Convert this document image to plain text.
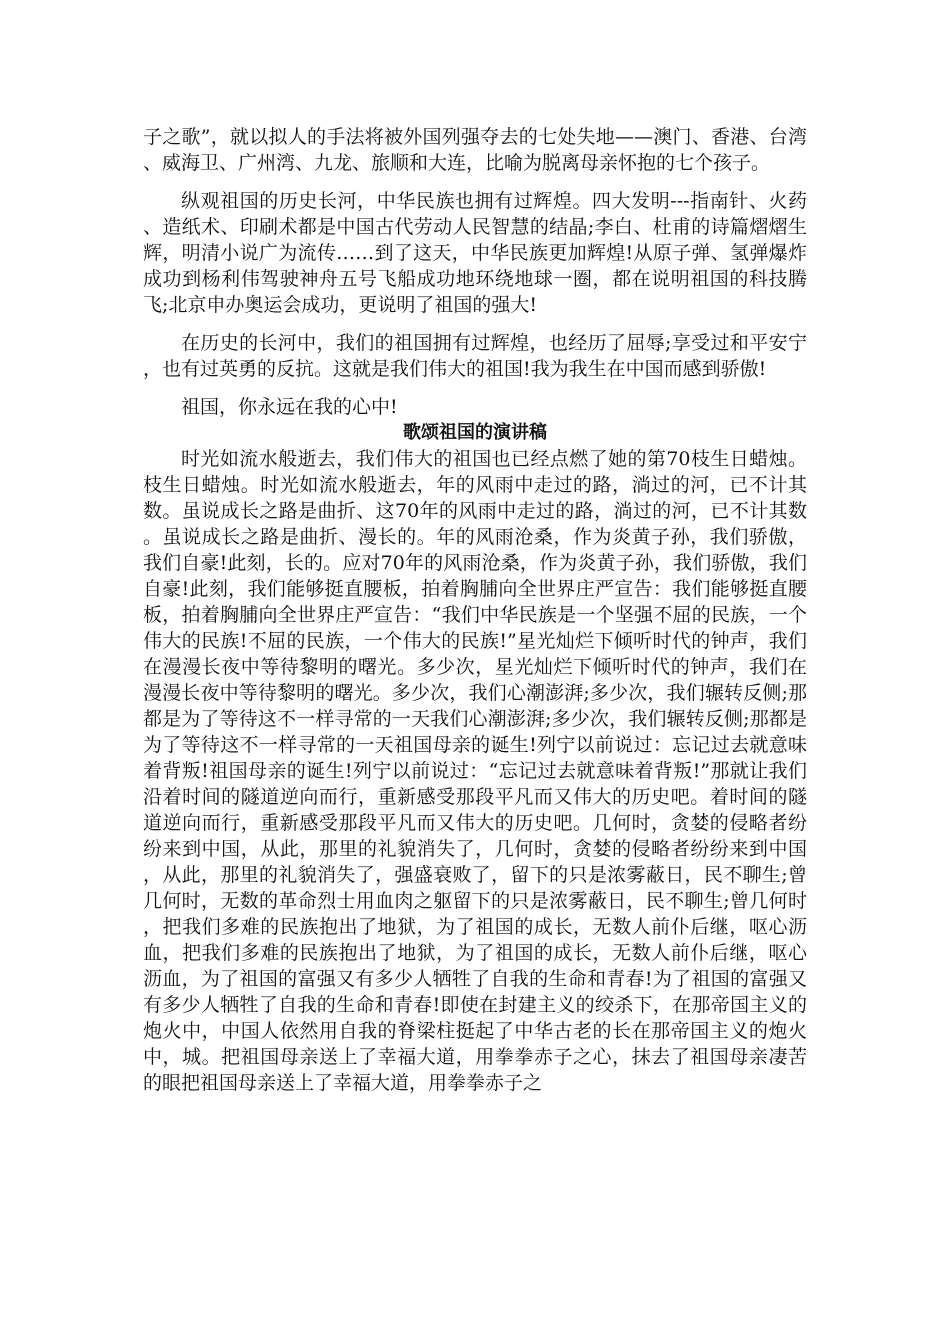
子之歌”，就以拟人的手法将被外国列强夺去的七处失地——澳门、香港、台湾、威海卫、广州湾、九龙、旅顺和大连，比喻为脱离母亲怀抱的七个孩子。

纵观祖国的历史长河，中华民族也拥有过辉煌。四大发明---指南针、火药、造纸术、印刷术都是中国古代劳动人民智慧的结晶;李白、杜甫的诗篇熠熠生辉，明清小说广为流传……到了这天，中华民族更加辉煌!从原子弹、氢弹爆炸成功到杨利伟驾驶神舟五号飞船成功地环绕地球一圈，都在说明祖国的科技腾飞;北京申办奥运会成功，更说明了祖国的强大!

在历史的长河中，我们的祖国拥有过辉煌，也经历了屈辱;享受过和平安宁，也有过英勇的反抗。这就是我们伟大的祖国!我为我生在中国而感到骄傲!

祖国，你永远在我的心中!

歌颂祖国的演讲稿

时光如流水般逝去，我们伟大的祖国也已经点燃了她的第70枝生日蜡烛。枝生日蜡烛。时光如流水般逝去，年的风雨中走过的路，淌过的河，已不计其数。虽说成长之路是曲折、这70年的风雨中走过的路，淌过的河，已不计其数。虽说成长之路是曲折、漫长的。年的风雨沧桑，作为炎黄子孙，我们骄傲，我们自豪!此刻，长的。应对70年的风雨沧桑，作为炎黄子孙，我们骄傲，我们自豪!此刻，我们能够挺直腰板，拍着胸脯向全世界庄严宣告：我们能够挺直腰板，拍着胸脯向全世界庄严宣告：“我们中华民族是一个坚强不屈的民族，一个伟大的民族!不屈的民族，一个伟大的民族!”星光灿烂下倾听时代的钟声，我们在漫漫长夜中等待黎明的曙光。多少次，星光灿烂下倾听时代的钟声，我们在漫漫长夜中等待黎明的曙光。多少次，我们心潮澎湃;多少次，我们辗转反侧;那都是为了等待这不一样寻常的一天我们心潮澎湃;多少次，我们辗转反侧;那都是为了等待这不一样寻常的一天祖国母亲的诞生!列宁以前说过：忘记过去就意味着背叛!祖国母亲的诞生!列宁以前说过：“忘记过去就意味着背叛!”那就让我们沿着时间的隧道逆向而行，重新感受那段平凡而又伟大的历史吧。着时间的隧道逆向而行，重新感受那段平凡而又伟大的历史吧。几何时，贪婪的侵略者纷纷来到中国，从此，那里的礼貌消失了，几何时，贪婪的侵略者纷纷来到中国，从此，那里的礼貌消失了，强盛衰败了，留下的只是浓雾蔽日，民不聊生;曾几何时，无数的革命烈士用血肉之躯留下的只是浓雾蔽日，民不聊生;曾几何时，把我们多难的民族抱出了地狱，为了祖国的成长，无数人前仆后继，呕心沥血，把我们多难的民族抱出了地狱，为了祖国的成长，无数人前仆后继，呕心沥血，为了祖国的富强又有多少人牺牲了自我的生命和青春!为了祖国的富强又有多少人牺牲了自我的生命和青春!即使在封建主义的绞杀下，在那帝国主义的炮火中，中国人依然用自我的脊梁柱挺起了中华古老的长在那帝国主义的炮火中，城。把祖国母亲送上了幸福大道，用拳拳赤子之心，抹去了祖国母亲凄苦的眼把祖国母亲送上了幸福大道，用拳拳赤子之
